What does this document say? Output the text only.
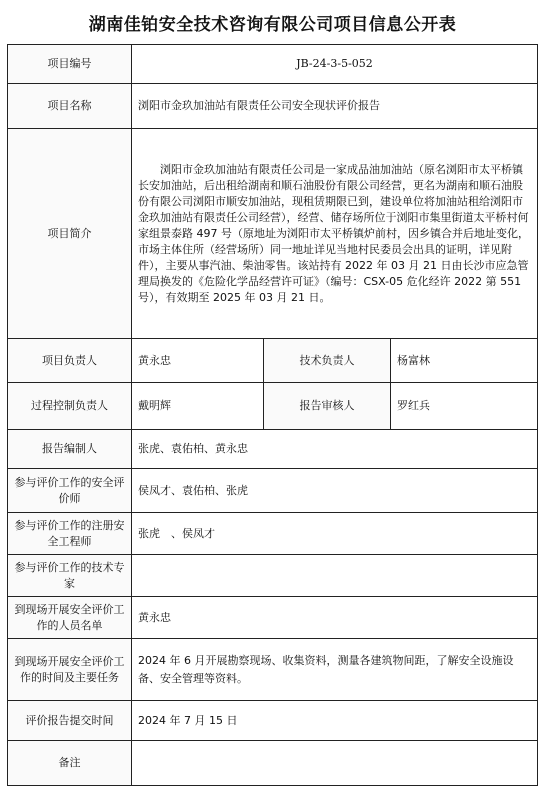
湖南佳铂安全技术咨询有限公司项目信息公开表
项目编号	JB-24-3-5-052		
项目名称	浏阳市金玖加油站有限责任公司安全现状评价报告		
项目简介	浏阳市金玖加油站有限责任公司是一家成品油加油站（原名浏阳市太平桥镇长安加油站，后出租给湖南和顺石油股份有限公司经营，更名为湖南和顺石油股份有限公司浏阳市顺安加油站，现租赁期限已到，建设单位将加油站租给浏阳市金玖加油站有限责任公司经营），经营、储存场所位于浏阳市集里街道太平桥村何家组景泰路 497 号（原地址为浏阳市太平桥镇炉前村，因乡镇合并后地址变化，市场主体住所（经营场所）同一地址详见当地村民委员会出具的证明，详见附件），主要从事汽油、柴油零售。该站持有 2022 年 03 月 21 日由长沙市应急管理局换发的《危险化学品经营许可证》（编号：CSX-05 危化经许 2022 第 551 号），有效期至 2025 年 03 月 21 日。		
项目负责人	黄永忠	技术负责人	杨富林
过程控制负责人	戴明辉	报告审核人	罗红兵
报告编制人	张虎、袁佑柏、黄永忠		
参与评价工作的安全评价师	侯凤才、袁佑柏、张虎		
参与评价工作的注册安全工程师	张虎　、侯凤才		
参与评价工作的技术专家			
到现场开展安全评价工作的人员名单	黄永忠		
到现场开展安全评价工作的时间及主要任务	2024 年 6 月开展勘察现场、收集资料，测量各建筑物间距，了解安全设施设备、安全管理等资料。		
评价报告提交时间	2024 年 7 月 15 日		
备注			
